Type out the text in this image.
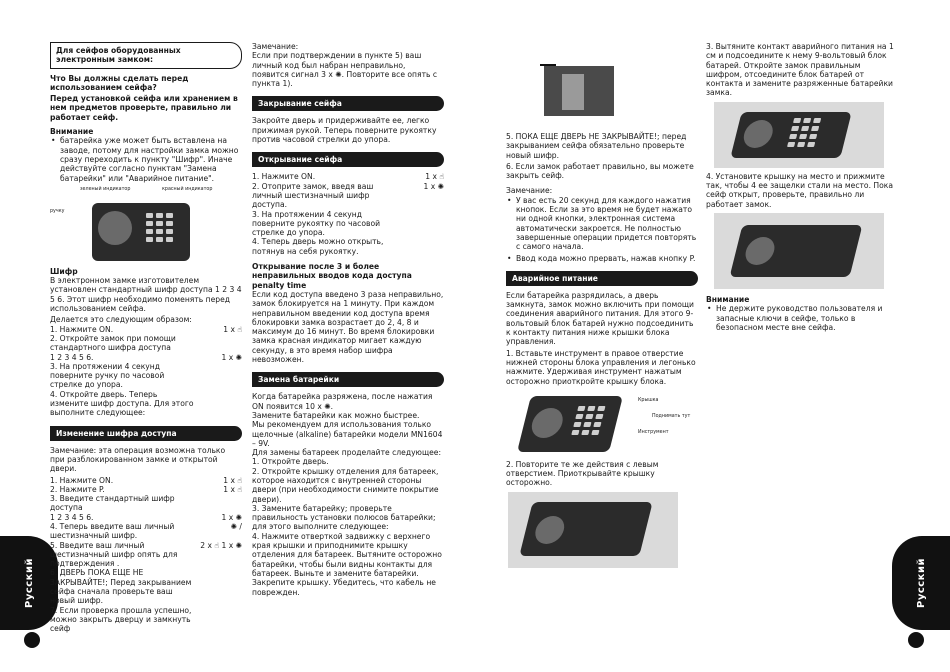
Русский	Русский
Для сейфов оборудованных электронным замком:

Что Вы должны сделать перед использованием сейфа?

Перед установкой сейфа или хранением в нем предметов проверьте, правильно ли работает сейф.

Внимание

• батарейка уже может быть вставлена на заводе, потому для настройки замка можно сразу переходить к пункту "Шифр". Иначе действуйте согласно пунктам "Замена батарейки" или "Аварийное питание".

зеленый индикатор	красный индикатор
ручку

Шифр

В электронном замке изготовителем установлен стандартный шифр доступа 1 2 3 4 5 6. Этот шифр необходимо поменять перед использованием сейфа.

Делается это следующим образом:

1. Нажмите ON.	1 х ☝
2. Откройте замок при помощи стандартного шифра доступа
1 2 3 4 5 6.	1 х ✺
3. На протяжении 4 секунд поверните ручку по часовой стрелке до упора.
4. Откройте дверь. Теперь измените шифр доступа. Для этого выполните следующее:
Изменение шифра доступа

Замечание: эта операция возможна только при разблокированном замке и открытой двери.

1. Нажмите ON.	1 х ☝
2. Нажмите P.	1 х ☝
3. Введите стандартный шифр доступа
1 2 3 4 5 6.	1 х ✺
4. Теперь введите ваш личный шестизначный шифр.
✺ /
5. Введите ваш личный шестизначный шифр опять для подтверждения .
2 х ☝ 1 х ✺
6. ДВЕРЬ ПОКА ЕЩЕ НЕ ЗАКРЫВАЙТЕ!; Перед закрыванием сейфа сначала проверьте ваш новый шифр.
7. Если проверка прошла успешно, можно закрыть дверцу и замкнуть сейф

Замечание:
Если при подтверждении в пункте 5) ваш личный код был набран неправильно, появится сигнал 3 х ✺. Повторите все опять с пункта 1).

Закрывание сейфа

Закройте дверь и придерживайте ее, легко прижимая рукой. Теперь поверните рукоятку против часовой стрелки до упора.

Открывание сейфа
1. Нажмите ON.	1 х ☝
2. Отоприте замок, введя ваш личный шестизначный шифр доступа.
1 х ✺
3. На протяжении 4 секунд поверните рукоятку по часовой стрелке до упора.
4. Теперь дверь можно открыть, потянув на себя рукоятку.

Открывание после 3 и более неправильных вводов кода доступа penalty time

Если код доступа введено 3 раза неправильно, замок блокируется на 1 минуту. При каждом неправильном введении код доступа время блокировки замка возрастает до 2, 4, 8 и максимум до 16 минут. Во время блокировки замка красная индикатор мигает каждую секунду, в это время набор шифра невозможен.

Замена батарейки

Когда батарейка разряжена, после нажатия ON появится 10 х ✺.

Замените батарейки как можно быстрее.

Мы рекомендуем для использования только щелочные (alkaline) батарейки модели MN1604 – 9V.

Для замены батареек проделайте следующее:

1. Откройте дверь.

2. Откройте крышку отделения для батареек, которое находится с внутренней стороны двери (при необходимости снимите покрытие двери).

3. Замените батарейку; проверьте правильность установки полюсов батарейки; для этого выполните следующее:

4. Нажмите отверткой задвижку с верхнего края крышки и приподнимите крышку отделения для батареек. Вытяните осторожно батарейки, чтобы были видны контакты для батареек. Выньте и замените батарейки. Закрепите крышку. Убедитесь, что кабель не поврежден.

5. ПОКА ЕЩЕ ДВЕРЬ НЕ ЗАКРЫВАЙТЕ!; перед закрыванием сейфа обязательно проверьте новый шифр.

6. Если замок работает правильно, вы можете закрыть сейф.

Замечание:

• У вас есть 20 секунд для каждого нажатия кнопок. Если за это время не будет нажато ни одной кнопки, электронная система автоматически закроется. Не полностью завершенные операции придется повторять с самого начала.

• Ввод кода можно прервать, нажав кнопку P.

Аварийное питание

Если батарейка разрядилась, а дверь замкнута, замок можно включить при помощи соединения аварийного питания. Для этого 9-вольтовый блок батарей нужно подсоединить к контакту питания ниже крышки блока управления.

1. Вставьте инструмент в правое отверстие нижней стороны блока управления и легонько нажмите. Удерживая инструмент нажатым осторожно приоткройте крышку блока.

Крышка
Поднимать тут
Инструмент

2. Повторите те же действия с левым отверстием. Приоткрывайте крышку осторожно.

3. Вытяните контакт аварийного питания на 1 см и подсоедините к нему 9-вольтовый блок батарей. Откройте замок правильным шифром, отсоедините блок батарей от контакта и замените разряженные батарейки замка.

4. Установите крышку на место и прижмите так, чтобы 4 ее защелки стали на место. Пока сейф открыт, проверьте, правильно ли работает замок.

Внимание

• Не держите руководство пользователя и запасные ключи в сейфе, только в безопасном месте вне сейфа.
